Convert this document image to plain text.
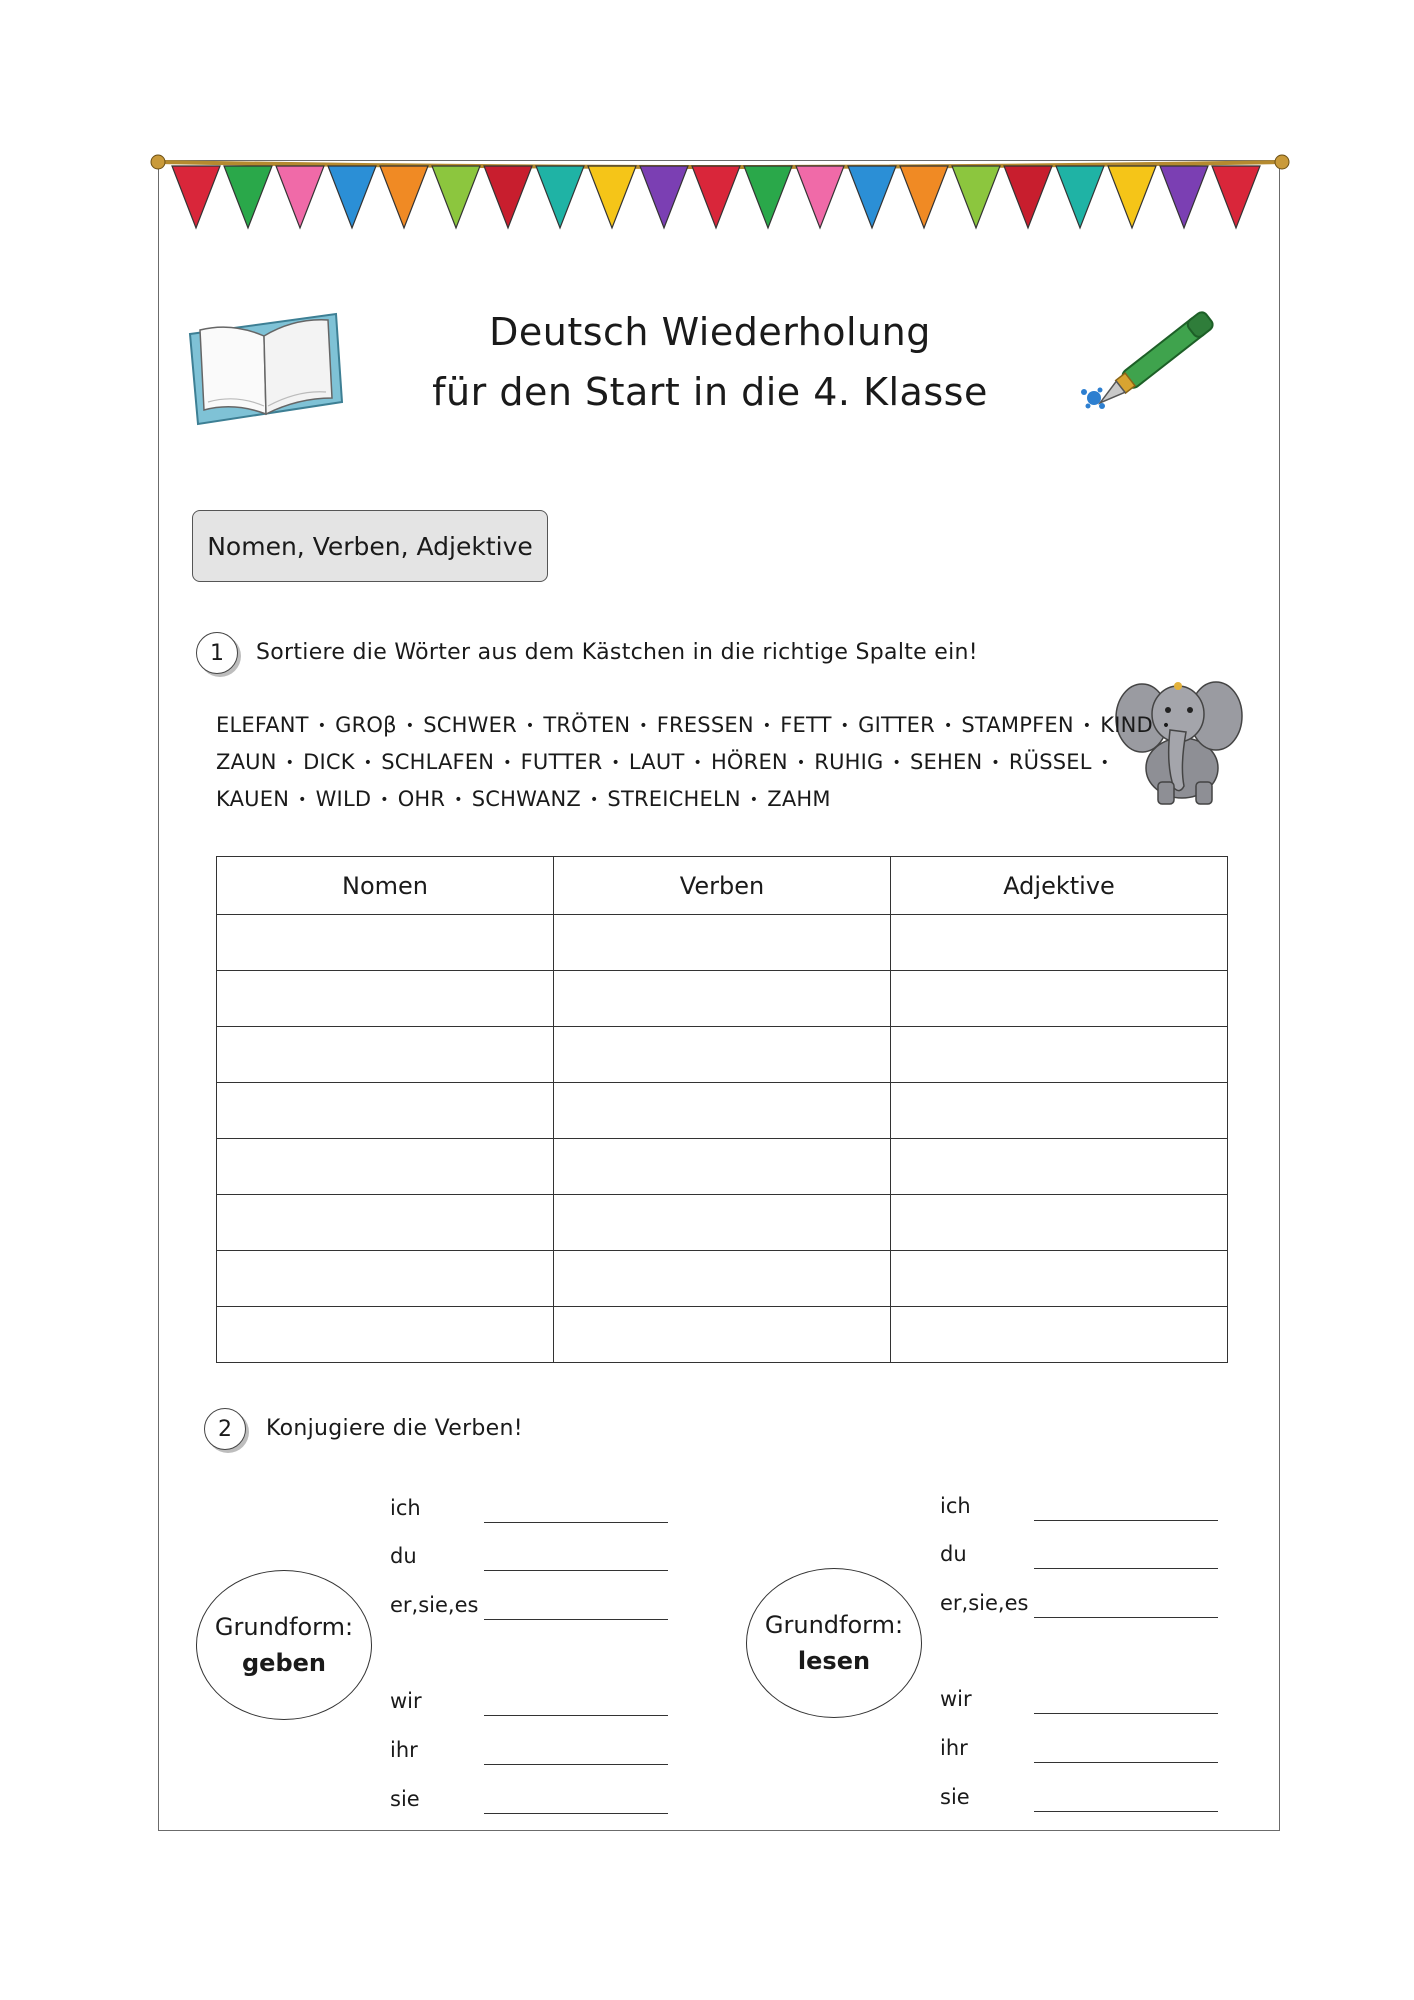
Deutsch Wiederholung
für den Start in die 4. Klasse
Nomen, Verben, Adjektive
1	Sortiere die Wörter aus dem Kästchen in die richtige Spalte ein!
ELEFANT • GROβ • SCHWER • TRÖTEN • FRESSEN • FETT • GITTER • STAMPFEN • KIND •
ZAUN • DICK • SCHLAFEN • FUTTER • LAUT • HÖREN • RUHIG • SEHEN • RÜSSEL •
KAUEN • WILD • OHR • SCHWANZ • STREICHELN • ZAHM
Nomen	Verben	Adjektive

2	Konjugiere die Verben!
Grundform:
geben
Grundform:
lesen
ich
du
er,sie,es
wir
ihr
sie
ich
du
er,sie,es
wir
ihr
sie
